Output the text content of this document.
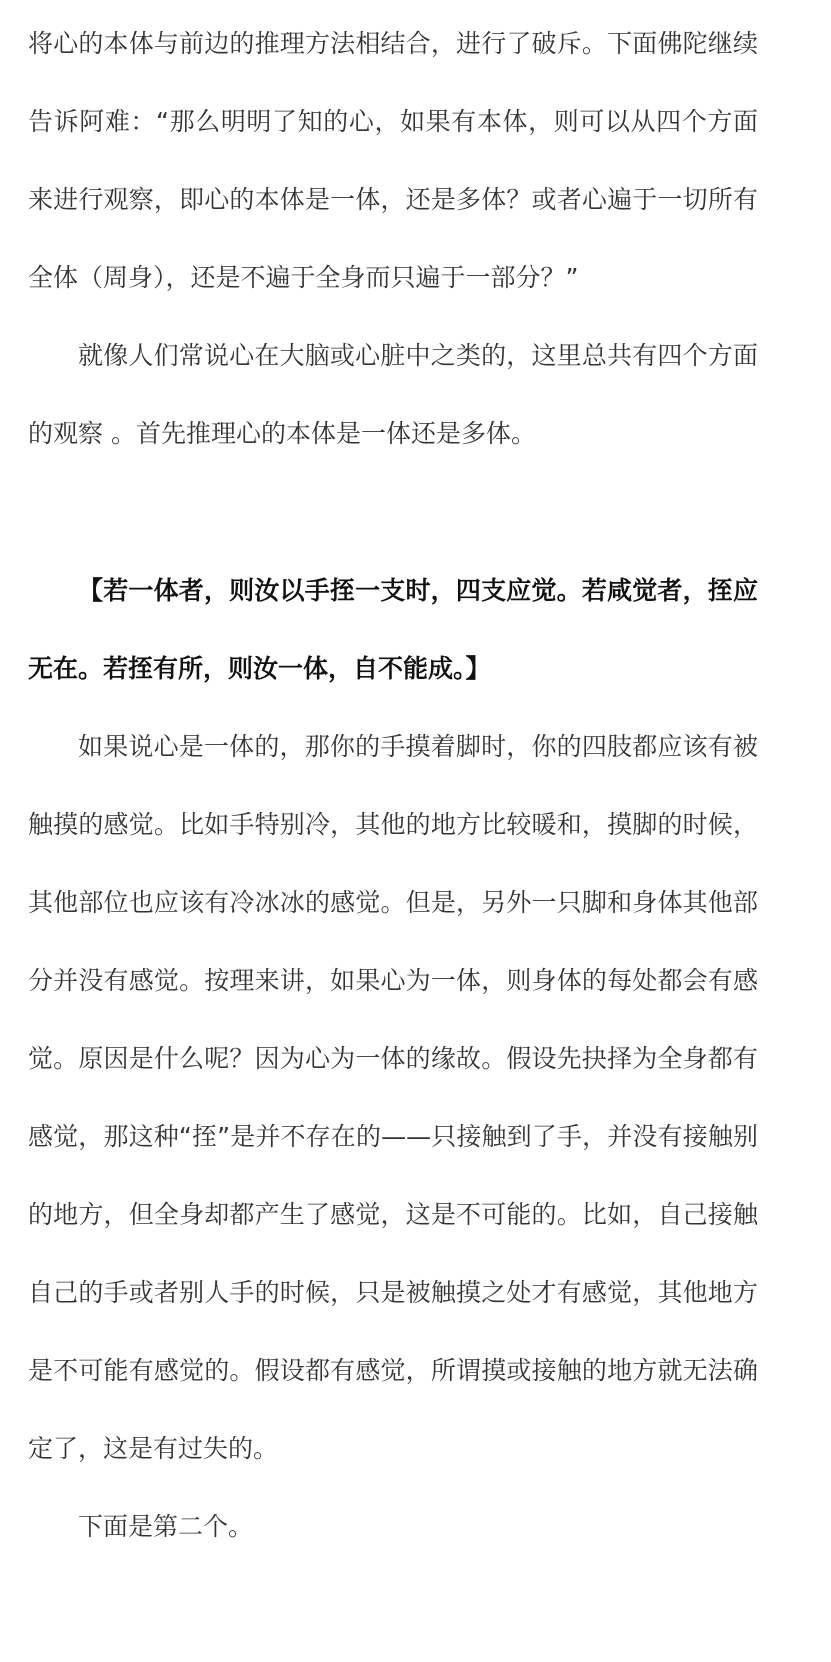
将心的本体与前边的推理方法相结合，进行了破斥。下面佛陀继续告诉阿难：“那么明明了知的心，如果有本体，则可以从四个方面来进行观察，即心的本体是一体，还是多体？或者心遍于一切所有全体（周身），还是不遍于全身而只遍于一部分？”

就像人们常说心在大脑或心脏中之类的，这里总共有四个方面的观察 。首先推理心的本体是一体还是多体。

【若一体者，则汝以手挃一支时，四支应觉。若咸觉者，挃应无在。若挃有所，则汝一体，自不能成。】

如果说心是一体的，那你的手摸着脚时，你的四肢都应该有被触摸的感觉。比如手特别冷，其他的地方比较暖和，摸脚的时候，其他部位也应该有冷冰冰的感觉。但是，另外一只脚和身体其他部分并没有感觉。按理来讲，如果心为一体，则身体的每处都会有感觉。原因是什么呢？因为心为一体的缘故。假设先抉择为全身都有感觉，那这种“挃”是并不存在的——只接触到了手，并没有接触别的地方，但全身却都产生了感觉，这是不可能的。比如，自己接触自己的手或者别人手的时候，只是被触摸之处才有感觉，其他地方是不可能有感觉的。假设都有感觉，所谓摸或接触的地方就无法确定了，这是有过失的。

下面是第二个。
